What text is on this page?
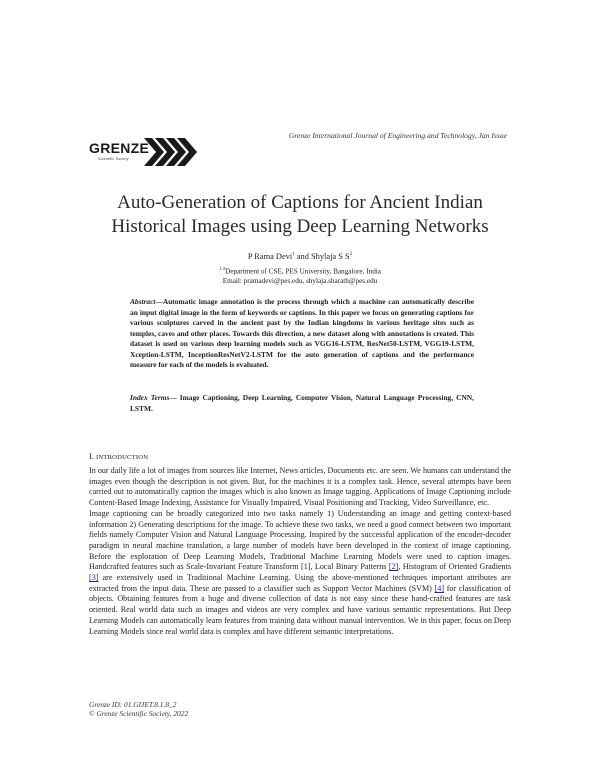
Grenze International Journal of Engineering and Technology, Jan Issue
GRENZE
Scientific Society
Auto-Generation of Captions for Ancient Indian
Historical Images using Deep Learning Networks
P Rama Devi$^1$ and Shylaja S $S^2$
$^{1-2}$Department of CSE, PES University, Bangalore, India
Email: pramadevi@pes.edu, shylaja.sharath@pes.edu
Abstract—Automatic image annotation is the process through which a machine can automatically describe an input digital image in the form of keywords or captions. In this paper we focus on generating captions for various sculptures carved in the ancient past by the Indian kingdoms in various heritage sites such as temples, caves and other places. Towards this direction, a new dataset along with annotations is created. This dataset is used on various deep learning models such as VGG16-LSTM, ResNet50-LSTM, VGG19-LSTM, Xception-LSTM, InceptionResNetV2-LSTM for the auto generation of captions and the performance measure for each of the models is evaluated.
Index Terms— Image Captioning, Deep Learning, Computer Vision, Natural Language Processing, CNN, LSTM.
I. INTRODUCTION

In our daily life a lot of images from sources like Internet, News articles, Documents etc. are seen. We humans can understand the images even though the description is not given. But, for the machines it is a complex task. Hence, several attempts have been carried out to automatically caption the images which is also known as Image tagging. Applications of Image Captioning include Content-Based Image Indexing, Assistance for Visually Impaired, Visual Positioning and Tracking, Video Surveillance, etc.

Image captioning can be broadly categorized into two tasks namely 1) Understanding an image and getting context-based information 2) Generating descriptions for the image. To achieve these two tasks, we need a good connect between two important fields namely Computer Vision and Natural Language Processing. Inspired by the successful application of the encoder-decoder paradigm in neural machine translation, a large number of models have been developed in the context of image captioning. Before the exploration of Deep Learning Models, Traditional Machine Learning Models were used to caption images. Handcrafted features such as Scale-Invariant Feature Transform [1], Local Binary Patterns [2], Histogram of Oriented Gradients [3] are extensively used in Traditional Machine Learning. Using the above-mentioned techniques important attributes are extracted from the input data. These are passed to a classifier such as Support Vector Machines (SVM) [4] for classification of objects. Obtaining features from a huge and diverse collection of data is not easy since these hand-crafted features are task oriented. Real world data such as images and videos are very complex and have various semantic representations. But Deep Learning Models can automatically learn features from training data without manual intervention. We in this paper, focus on Deep Learning Models since real world data is complex and have different semantic interpretations.

Grenze ID: 01.GIJET.8.1.8_2
© Grenze Scientific Society, 2022
